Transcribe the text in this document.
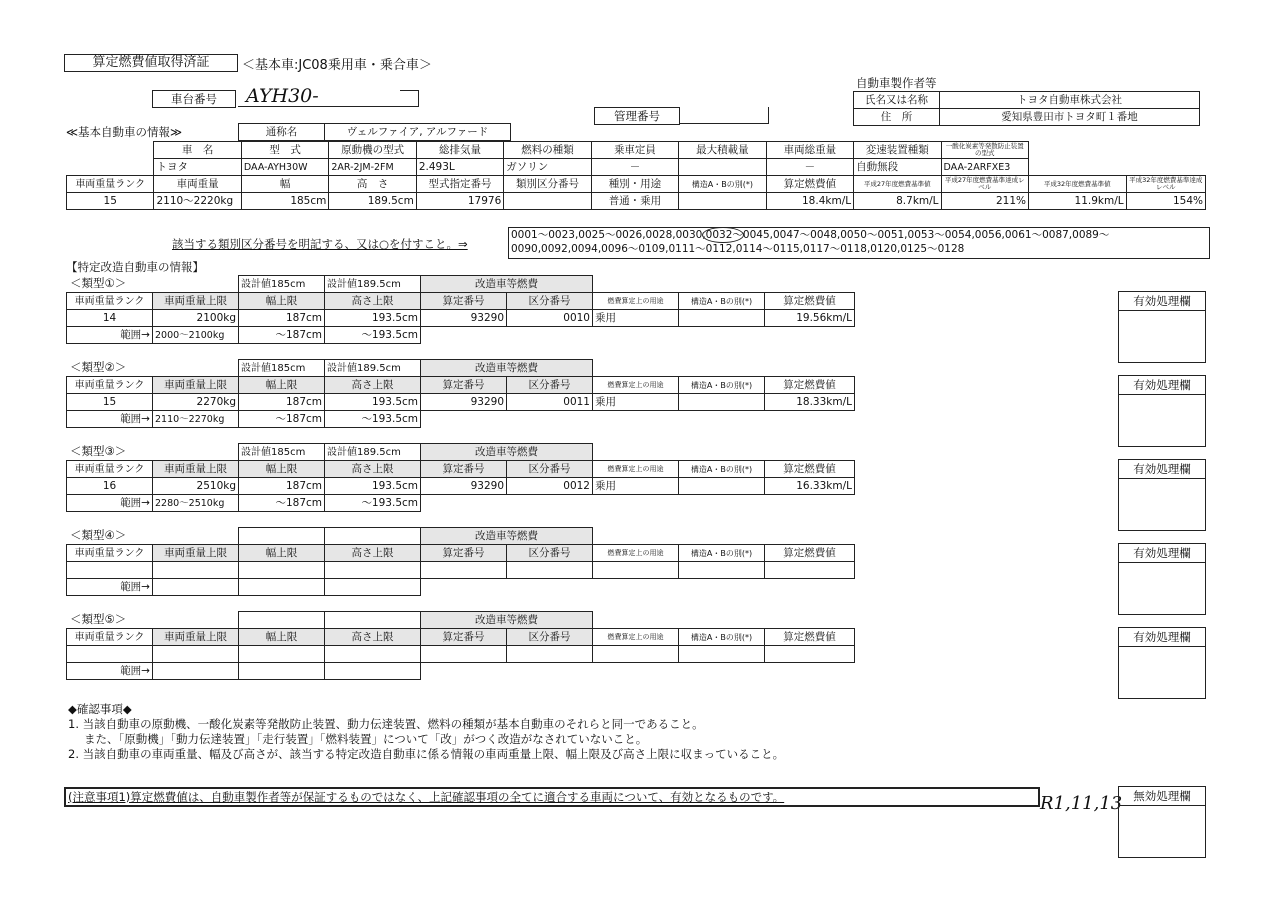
算定燃費値取得済証	＜基本車:JC08乗用車・乗合車＞
車台番号	AYH30-
管理番号
自動車製作者等
氏名又は名称	トヨタ自動車株式会社
住　所	愛知県豊田市トヨタ町１番地
≪基本自動車の情報≫	通称名	ヴェルファイア, アルファード
	車　名	型　式	原動機の型式	総排気量	燃料の種類	乗車定員	最大積載量	車両総重量	変速装置種類	一酸化炭素等発散防止装置の型式		
	トヨタ	DAA-AYH30W	2AR-2JM-2FM	2.493L	ガソリン	－		－	自動無段	DAA-2ARFXE3		
車両重量ランク	車両重量	幅	高　さ	型式指定番号	類別区分番号	種別・用途	構造A・Bの別(*)	算定燃費値	平成27年度燃費基準値	平成27年度燃費基準達成レベル	平成32年度燃費基準値	平成32年度燃費基準達成レベル
15	2110～2220kg	185cm	189.5cm	17976		普通・乗用		18.4km/L	8.7km/L	211%	11.9km/L	154%
該当する類別区分番号を明記する、又は○を付すこと。⇒
0001～0023,0025～0026,0028,0030,0032～0045,0047～0048,0050～0051,0053～0054,0056,0061～0087,0089～
0090,0092,0094,0096～0109,0111～0112,0114～0115,0117～0118,0120,0125～0128
【特定改造自動車の情報】
＜類型①＞
			設計値185cm	設計値189.5cm	改造車等燃費				
車両重量ランク	車両重量上限	幅上限	高さ上限	算定番号	区分番号	燃費算定上の用途	構造A・Bの別(*)	算定燃費値
14	2100kg	187cm	193.5cm	93290	0010	乗用		19.56km/L
範囲→	2000～2100kg	～187cm	～193.5cm					
有効処理欄
＜類型②＞
			設計値185cm	設計値189.5cm	改造車等燃費				
車両重量ランク	車両重量上限	幅上限	高さ上限	算定番号	区分番号	燃費算定上の用途	構造A・Bの別(*)	算定燃費値
15	2270kg	187cm	193.5cm	93290	0011	乗用		18.33km/L
範囲→	2110～2270kg	～187cm	～193.5cm					
有効処理欄
＜類型③＞
			設計値185cm	設計値189.5cm	改造車等燃費				
車両重量ランク	車両重量上限	幅上限	高さ上限	算定番号	区分番号	燃費算定上の用途	構造A・Bの別(*)	算定燃費値
16	2510kg	187cm	193.5cm	93290	0012	乗用		16.33km/L
範囲→	2280～2510kg	～187cm	～193.5cm					
有効処理欄
＜類型④＞
					改造車等燃費				
車両重量ランク	車両重量上限	幅上限	高さ上限	算定番号	区分番号	燃費算定上の用途	構造A・Bの別(*)	算定燃費値

範囲→								
有効処理欄
＜類型⑤＞
					改造車等燃費				
車両重量ランク	車両重量上限	幅上限	高さ上限	算定番号	区分番号	燃費算定上の用途	構造A・Bの別(*)	算定燃費値

範囲→								
有効処理欄
◆確認事項◆
1. 当該自動車の原動機、一酸化炭素等発散防止装置、動力伝達装置、燃料の種類が基本自動車のそれらと同一であること。
また、「原動機」「動力伝達装置」「走行装置」「燃料装置」について「改」がつく改造がなされていないこと。
2. 当該自動車の車両重量、幅及び高さが、該当する特定改造自動車に係る情報の車両重量上限、幅上限及び高さ上限に収まっていること。
(注意事項1)算定燃費値は、自動車製作者等が保証するものではなく、上記確認事項の全てに適合する車両について、有効となるものです。	R1,11,13 無効処理欄
